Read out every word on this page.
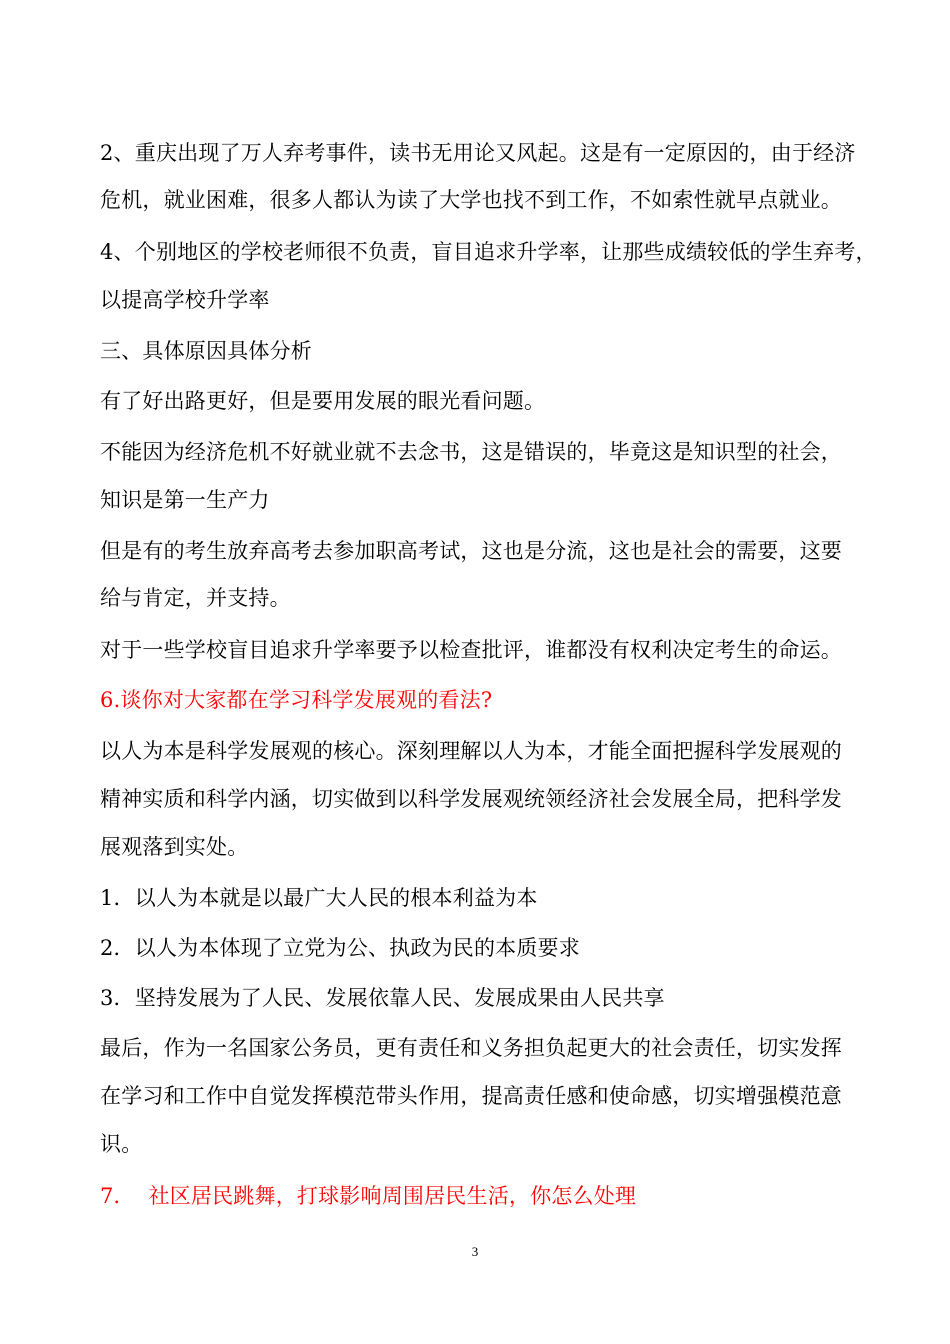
2、重庆出现了万人弃考事件，读书无用论又风起。这是有一定原因的，由于经济
危机，就业困难，很多人都认为读了大学也找不到工作，不如索性就早点就业。
4、个别地区的学校老师很不负责，盲目追求升学率，让那些成绩较低的学生弃考，
以提高学校升学率
三、具体原因具体分析
有了好出路更好，但是要用发展的眼光看问题。
不能因为经济危机不好就业就不去念书，这是错误的，毕竟这是知识型的社会，
知识是第一生产力
但是有的考生放弃高考去参加职高考试，这也是分流，这也是社会的需要，这要
给与肯定，并支持。
对于一些学校盲目追求升学率要予以检查批评，谁都没有权利决定考生的命运。
6.谈你对大家都在学习科学发展观的看法?
以人为本是科学发展观的核心。深刻理解以人为本，才能全面把握科学发展观的
精神实质和科学内涵，切实做到以科学发展观统领经济社会发展全局，把科学发
展观落到实处。
1．以人为本就是以最广大人民的根本利益为本
2．以人为本体现了立党为公、执政为民的本质要求
3．坚持发展为了人民、发展依靠人民、发展成果由人民共享
最后，作为一名国家公务员，更有责任和义务担负起更大的社会责任，切实发挥
在学习和工作中自觉发挥模范带头作用，提高责任感和使命感，切实增强模范意
识。
7．  社区居民跳舞，打球影响周围居民生活，你怎么处理
3
